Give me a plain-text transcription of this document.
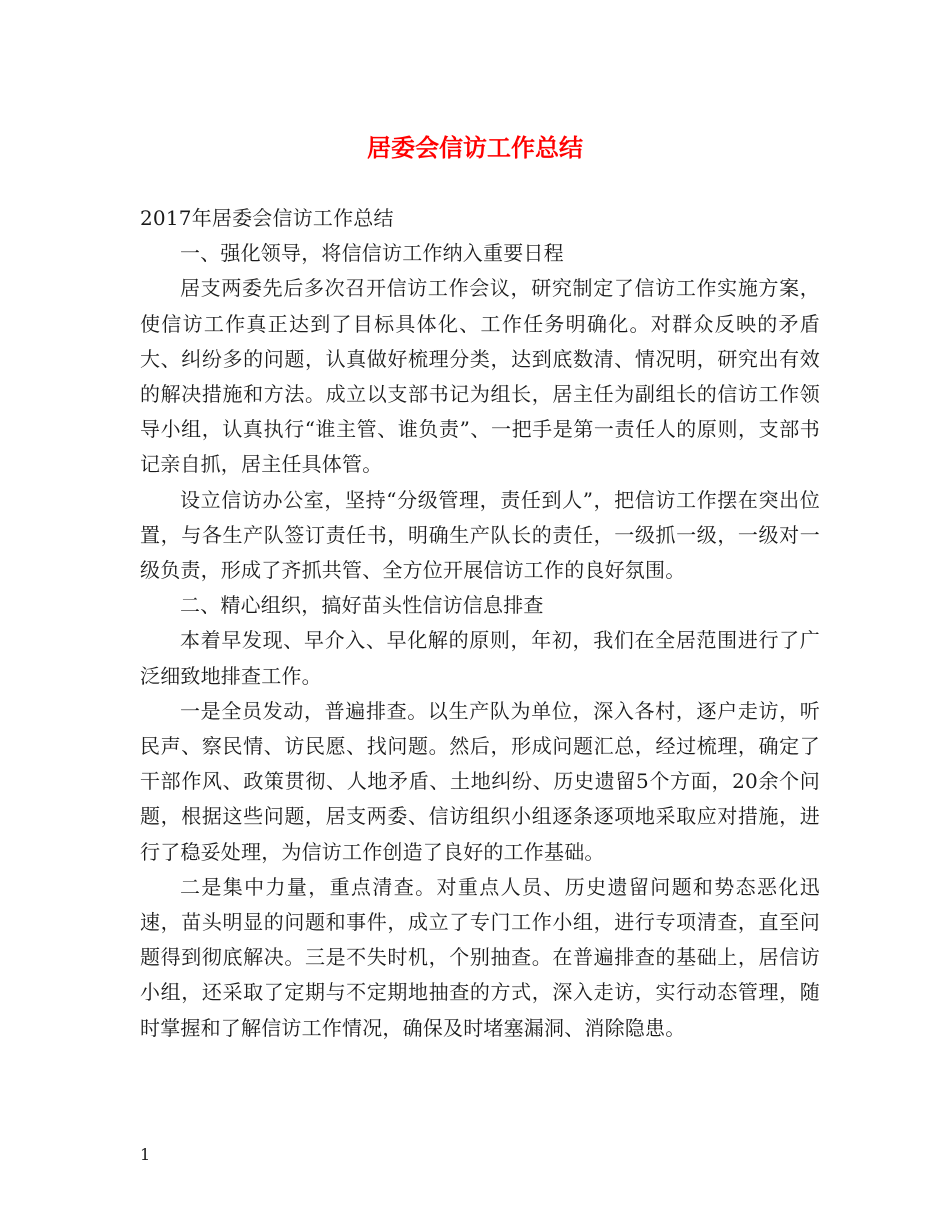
居委会信访工作总结

2017年居委会信访工作总结

一、强化领导，将信信访工作纳入重要日程

居支两委先后多次召开信访工作会议，研究制定了信访工作实施方案，使信访工作真正达到了目标具体化、工作任务明确化。对群众反映的矛盾大、纠纷多的问题，认真做好梳理分类，达到底数清、情况明，研究出有效的解决措施和方法。成立以支部书记为组长，居主任为副组长的信访工作领导小组，认真执行“谁主管、谁负责”、一把手是第一责任人的原则，支部书记亲自抓，居主任具体管。

设立信访办公室，坚持“分级管理，责任到人”，把信访工作摆在突出位置，与各生产队签订责任书，明确生产队长的责任，一级抓一级，一级对一级负责，形成了齐抓共管、全方位开展信访工作的良好氛围。

二、精心组织，搞好苗头性信访信息排查

本着早发现、早介入、早化解的原则，年初，我们在全居范围进行了广泛细致地排查工作。

一是全员发动，普遍排查。以生产队为单位，深入各村，逐户走访，听民声、察民情、访民愿、找问题。然后，形成问题汇总，经过梳理，确定了干部作风、政策贯彻、人地矛盾、土地纠纷、历史遗留5个方面，20余个问题，根据这些问题，居支两委、信访组织小组逐条逐项地采取应对措施，进行了稳妥处理，为信访工作创造了良好的工作基础。

二是集中力量，重点清查。对重点人员、历史遗留问题和势态恶化迅速，苗头明显的问题和事件，成立了专门工作小组，进行专项清查，直至问题得到彻底解决。三是不失时机，个别抽查。在普遍排查的基础上，居信访小组，还采取了定期与不定期地抽查的方式，深入走访，实行动态管理，随时掌握和了解信访工作情况，确保及时堵塞漏洞、消除隐患。

1
